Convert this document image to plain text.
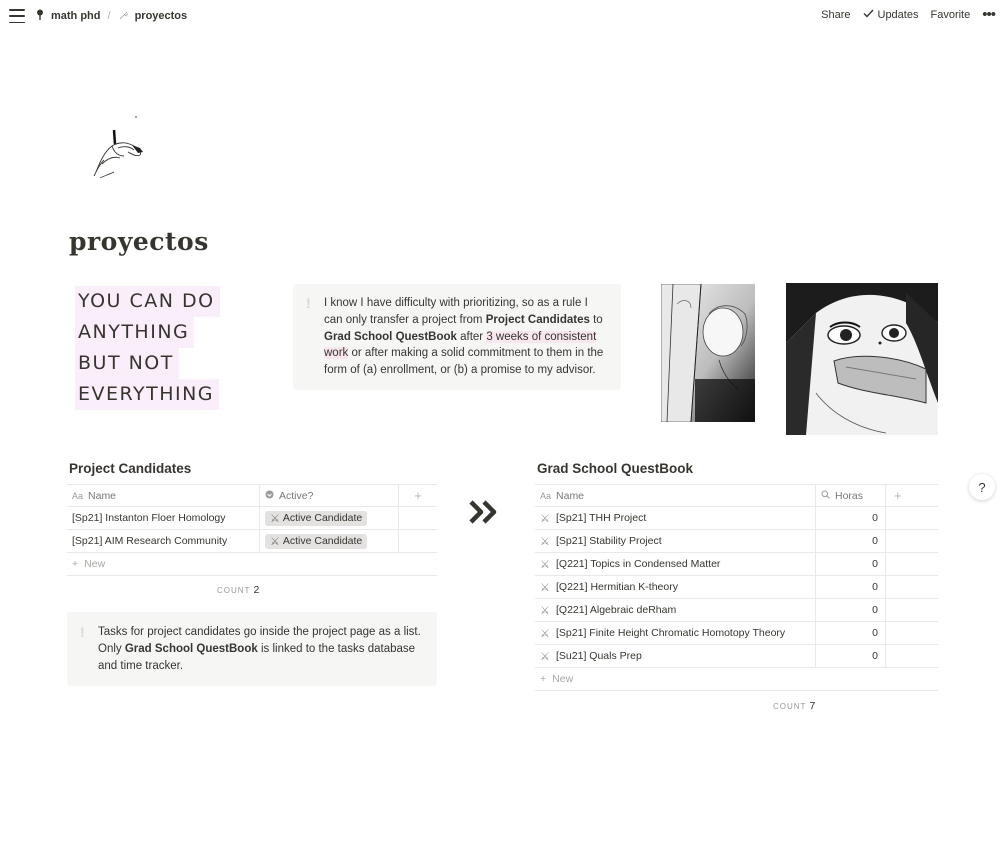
math phd / proyectos	Share Updates Favorite •••
proyectos
YOU CAN DO
ANYTHING
BUT NOT
EVERYTHING
! I know I have difficulty with prioritizing, so as a rule I can only transfer a project from Project Candidates to Grad School QuestBook after 3 weeks of consistent work or after making a solid commitment to them in the form of (a) enrollment, or (b) a promise to my advisor.
Project Candidates
Aa Name	Active?	+
[Sp21] Instanton Floer Homology	⚔ Active Candidate
[Sp21] AIM Research Community	⚔ Active Candidate
+ New
COUNT 2
! Tasks for project candidates go inside the project page as a list. Only Grad School QuestBook is linked to the tasks database and time tracker.
Grad School QuestBook
Aa Name	Horas	+
⚔ [Sp21] THH Project	0
⚔ [Sp21] Stability Project	0
⚔ [Q221] Topics in Condensed Matter	0
⚔ [Q221] Hermitian K-theory	0
⚔ [Q221] Algebraic deRham	0
⚔ [Sp21] Finite Height Chromatic Homotopy Theory	0
⚔ [Su21] Quals Prep	0
+ New
COUNT 7
?
